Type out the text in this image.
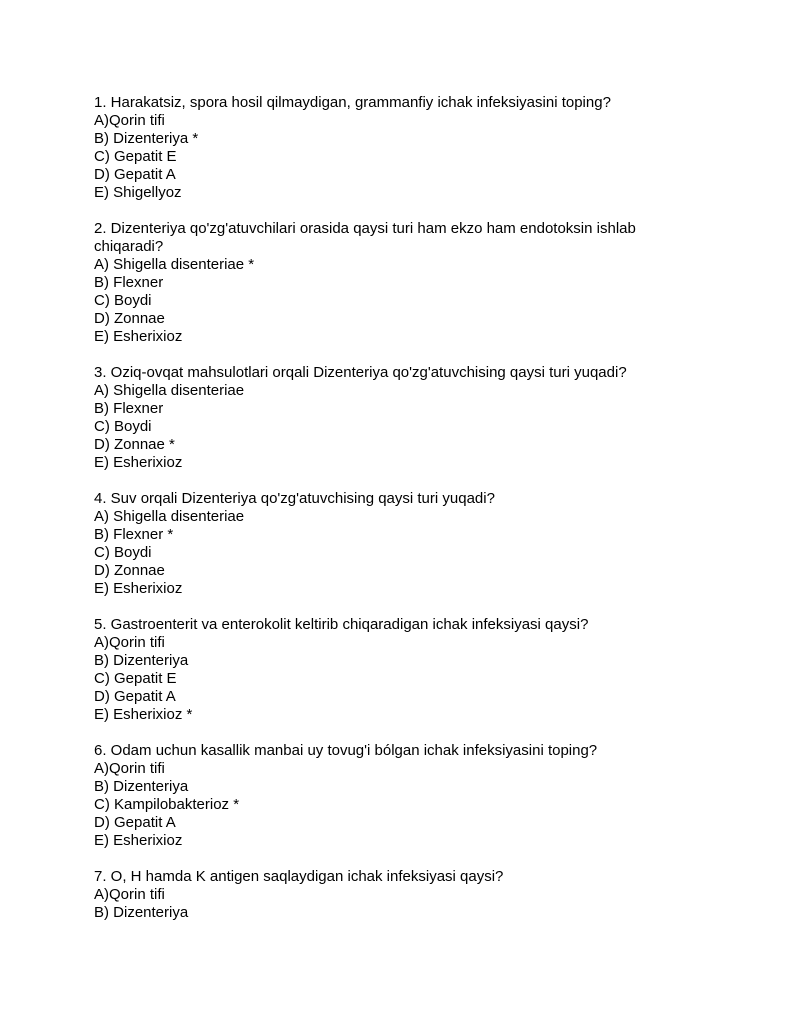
1. Harakatsiz, spora hosil qilmaydigan, grammanfiy ichak infeksiyasini toping?

A)Qorin tifi
B) Dizenteriya *
C) Gepatit E
D) Gepatit A
E) Shigellyoz

2. Dizenteriya qo'zg'atuvchilari orasida qaysi turi ham ekzo ham endotoksin ishlab chiqaradi?

A) Shigella disenteriae *
B) Flexner
C) Boydi
D) Zonnae
E) Esherixioz

3. Oziq-ovqat mahsulotlari orqali Dizenteriya qo'zg'atuvchising qaysi turi yuqadi?

A) Shigella disenteriae
B) Flexner
C) Boydi
D) Zonnae *
E) Esherixioz

4. Suv orqali Dizenteriya qo'zg'atuvchising qaysi turi yuqadi?

A) Shigella disenteriae
B) Flexner *
C) Boydi
D) Zonnae
E) Esherixioz

5. Gastroenterit va enterokolit keltirib chiqaradigan ichak infeksiyasi qaysi?

A)Qorin tifi
B) Dizenteriya
C) Gepatit E
D) Gepatit A
E) Esherixioz *

6. Odam uchun kasallik manbai uy tovug'i bólgan ichak infeksiyasini toping?

A)Qorin tifi
B) Dizenteriya
C) Kampilobakterioz *
D) Gepatit A
E) Esherixioz

7. O, H hamda K antigen saqlaydigan ichak infeksiyasi qaysi?

A)Qorin tifi
B) Dizenteriya
